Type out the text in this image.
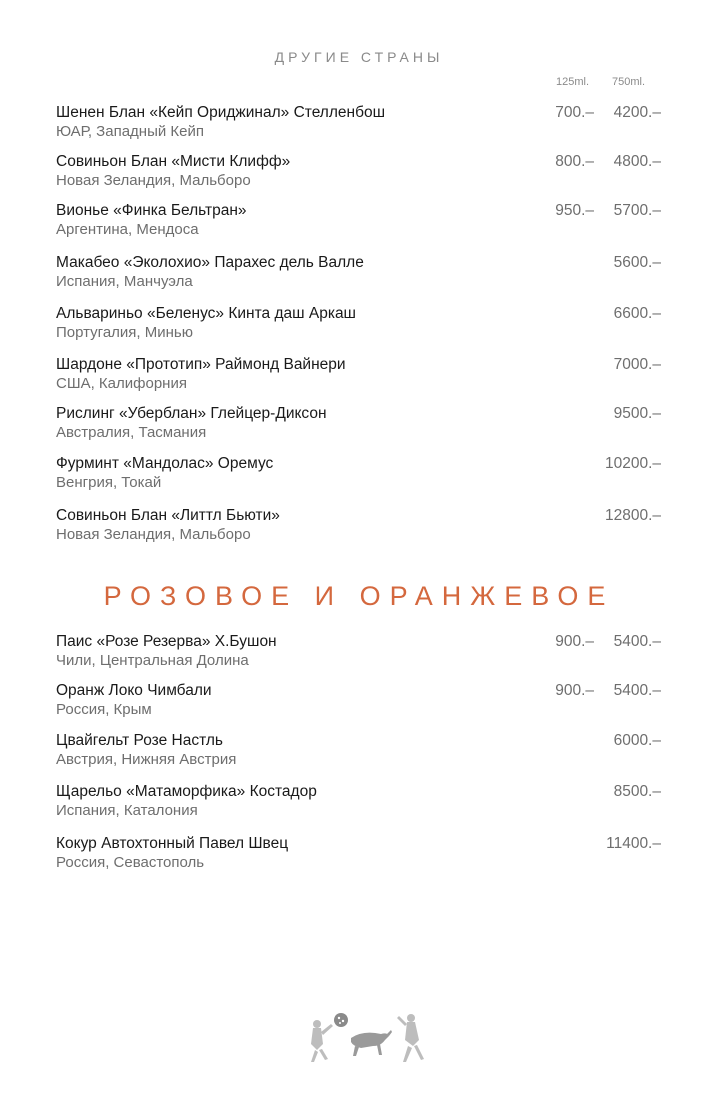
ДРУГИЕ СТРАНЫ
125ml. 750ml.
Шенен Блан «Кейп Ориджинал» Стелленбош
ЮАР, Западный Кейп
700.– 4200.–
Совиньон Блан «Мисти Клифф»
Новая Зеландия, Мальборо
800.– 4800.–
Вионье «Финка Бельтран»
Аргентина, Мендоса
950.– 5700.–
Макабео «Эколохио» Парахес дель Валле
Испания, Манчуэла
5600.–
Альвариньо «Беленус» Кинта даш Аркаш
Португалия, Минью
6600.–
Шардоне «Прототип» Раймонд Вайнери
США, Калифорния
7000.–
Рислинг «Уберблан» Глейцер-Диксон
Австралия, Тасмания
9500.–
Фурминт «Мандолас» Оремус
Венгрия, Токай
10200.–
Совиньон Блан «Литтл Бьюти»
Новая Зеландия, Мальборо
12800.–
РОЗОВОЕ И ОРАНЖЕВОЕ
Паис «Розе Резерва» Х.Бушон
Чили, Центральная Долина
900.– 5400.–
Оранж Локо Чимбали
Россия, Крым
900.– 5400.–
Цвайгельт Розе Настль
Австрия, Нижняя Австрия
6000.–
Щарельо «Матаморфика» Костадор
Испания, Каталония
8500.–
Кокур Автохтонный Павел Швец
Россия, Севастополь
11400.–
